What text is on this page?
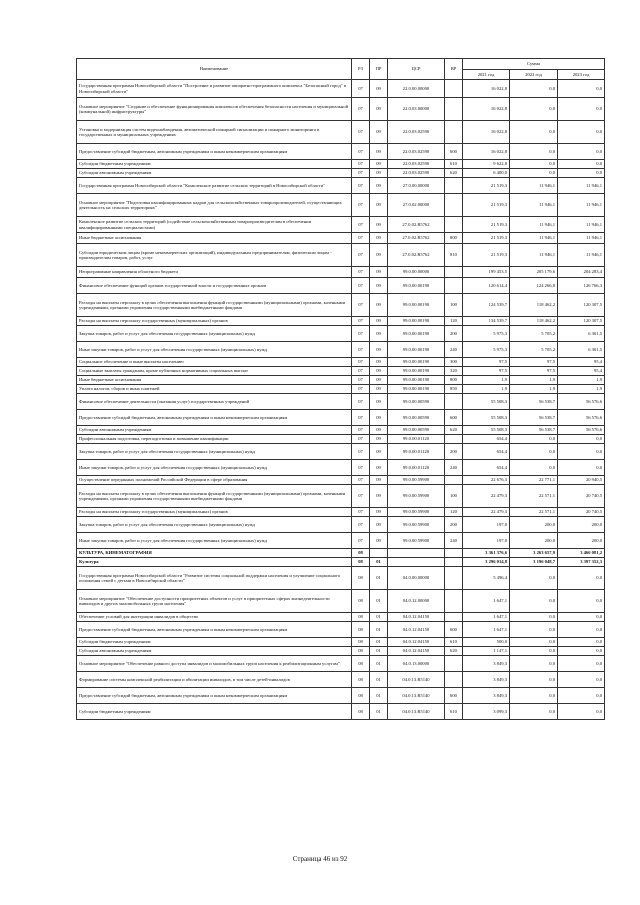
Наименование	РЗ	ПР	ЦСР	ВР	Сумма		
					2021 год	2022 год	2023 год
Государственная программа Новосибирской области "Построение и развитие аппаратно-программного комплекса "Безопасный город" в Новосибирской области"	07	09	22.0.00.00000		16 022,8	0,0	0,0
Основное мероприятие "Создание и обеспечение функционирования комплексов обеспечения безопасности населения и муниципальной (коммунальной) инфраструктуры"	07	09	22.0.03.00000		16 022,8	0,0	0,0
Установка и модернизация систем видеонаблюдения, автоматической пожарной сигнализации и пожарного мониторинга в государственных и муниципальных учреждениях	07	09	22.0.03.02590		16 022,8	0,0	0,0
Предоставление субсидий бюджетным, автономным учреждениям и иным некоммерческим организациям	07	09	22.0.03.02590	600	16 022,8	0,0	0,0
Субсидии бюджетным учреждениям	07	09	22.0.03.02590	610	9 622,8	0,0	0,0
Субсидии автономным учреждениям	07	09	22.0.03.02590	620	6 400,0	0,0	0,0
Государственная программа Новосибирской области "Комплексное развитие сельских территорий в Новосибирской области"	07	09	27.0.00.00000		21 519,3	11 946,1	11 946,1
Основное мероприятие "Подготовка квалифицированных кадров для сельскохозяйственных товаропроизводителей, осуществляющих деятельность на сельских территориях"	07	09	27.0.02.00000		21 519,3	11 946,1	11 946,1
Комплексное развитие сельских территорий (содействие сельскохозяйственным товаропроизводителям в обеспечении квалифицированными специалистами)	07	09	27.0.02.R5762		21 519,3	11 946,1	11 946,1
Иные бюджетные ассигнования	07	09	27.0.02.R5762	800	21 519,3	11 946,1	11 946,1
Субсидии юридическим лицам (кроме некоммерческих организаций), индивидуальным предпринимателям, физическим лицам - производителям товаров, работ, услуг	07	09	27.0.02.R5762	810	21 519,3	11 946,1	11 946,1
Непрограммные направления областного бюджета	07	09	99.0.00.00000		199 453,5	205 179,6	204 283,4
Финансовое обеспечение функций органов государственной власти и государственных органов	07	09	99.0.00.00190		120 614,4	124 266,8	126 766,3
Расходы на выплаты персоналу в целях обеспечения выполнения функций государственными (муниципальными) органами, казенными учреждениями, органами управления государственными внебюджетными фондами	07	09	99.0.00.00190	100	124 539,7	118 462,2	120 307,5
Расходы на выплаты персоналу государственных (муниципальных) органов	07	09	99.0.00.00190	120	134 539,7	118 462,2	120 307,5
Закупка товаров, работ и услуг для обеспечения государственных (муниципальных) нужд	07	09	99.0.00.00190	200	5 975,3	5 705,2	6 361,5
Иные закупки товаров, работ и услуг для обеспечения государственных (муниципальных) нужд	07	09	99.0.00.00190	240	5 975,3	5 705,2	6 361,5
Социальное обеспечение и иные выплаты населению	07	09	99.0.00.00190	300	97,5	97,5	95,4
Социальные выплаты гражданам, кроме публичных нормативных социальных выплат	07	09	99.0.00.00190	320	97,5	97,5	95,4
Иные бюджетные ассигнования	07	09	99.0.00.00190	800	1,9	1,9	1,9
Уплата налогов, сборов и иных платежей	07	09	99.0.00.00190	850	1,9	1,9	1,9
Финансовое обеспечение деятельности (оказания услуг) государственных учреждений	07	09	99.0.00.00590		55 508,3	56 538,7	56 576,6
Предоставление субсидий бюджетным, автономным учреждениям и иным некоммерческим организациям	07	09	99.0.00.00590	600	55 508,3	56 538,7	56 576,6
Субсидии автономным учреждениям	07	09	99.0.00.00590	620	55 508,3	56 538,7	56 576,6
Профессиональная подготовка, переподготовка и повышение квалификации	07	09	99.0.00.01120		654,4	0,0	0,0
Закупка товаров, работ и услуг для обеспечения государственных (муниципальных) нужд	07	09	99.0.00.01120	200	654,4	0,0	0,0
Иные закупки товаров, работ и услуг для обеспечения государственных (муниципальных) нужд	07	09	99.0.00.01120	240	654,4	0,0	0,0
Осуществление переданных полномочий Российской Федерации в сфере образования	07	09	99.0.00.59900		22 676,3	22 771,1	20 940,5
Расходы на выплаты персоналу в целях обеспечения выполнения функций государственными (муниципальными) органами, казенными учреждениями, органами управления государственными внебюджетными фондами	07	09	99.0.00.59900	100	22 479,3	22 571,1	20 740,5
Расходы на выплаты персоналу государственных (муниципальных) органов	07	09	99.0.00.59900	120	22 479,3	22 571,1	20 740,5
Закупка товаров, работ и услуг для обеспечения государственных (муниципальных) нужд	07	09	99.0.00.59900	200	197,0	200,0	200,0
Иные закупки товаров, работ и услуг для обеспечения государственных (муниципальных) нужд	07	09	99.0.00.59900	240	197,0	200,0	200,0
КУЛЬТУРА, КИНЕМАТОГРАФИЯ	08				3 361 376,6	3 263 657,9	3 466 081,2
Культура	08	01			3 296 014,8	3 196 048,7	3 397 352,3
Государственная программа Новосибирской области "Развитие системы социальной поддержки населения и улучшение социального положения семей с детьми в Новосибирской области"	08	01	04.0.00.00000		5 496,4	0,0	0,0
Основное мероприятие "Обеспечение доступности приоритетных объектов и услуг в приоритетных сферах жизнедеятельности инвалидов и других маломобильных групп населения"	08	01	04.0.12.00000		1 647,1	0,0	0,0
Обеспечение условий для интеграции инвалидов в общество	08	01	04.0.12.04150		1 647,1	0,0	0,0
Предоставление субсидий бюджетным, автономным учреждениям и иным некоммерческим организациям	08	01	04.0.12.04150	600	1 647,1	0,0	0,0
Субсидии бюджетным учреждениям	08	01	04.0.12.04150	610	500,0	0,0	0,0
Субсидии автономным учреждениям	08	01	04.0.12.04150	620	1 147,1	0,0	0,0
Основное мероприятие "Обеспечение равного доступа инвалидов и маломобильных групп населения к реабилитационным услугам"	08	01	04.0.13.00000		3 849,3	0,0	0,0
Формирование системы комплексной реабилитации и абилитации инвалидов, в том числе детей-инвалидов	08	01	04.0.13.R5140		3 849,3	0,0	0,0
Предоставление субсидий бюджетным, автономным учреждениям и иным некоммерческим организациям	08	01	04.0.13.R5140	600	3 849,3	0,0	0,0
Субсидии бюджетным учреждениям	08	01	04.0.13.R5140	610	3 099,3	0,0	0,0
Страница 46 из 92
